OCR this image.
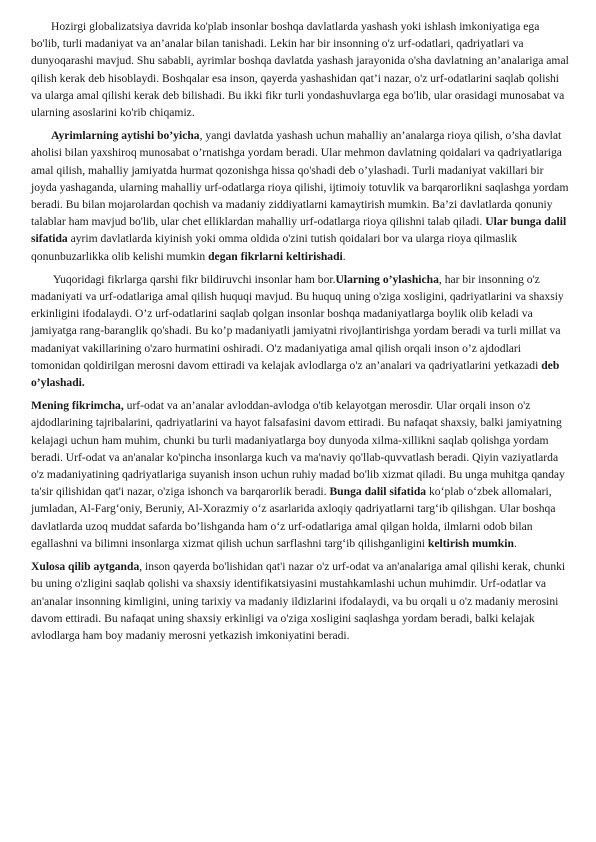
Hozirgi globalizatsiya davrida ko'plab insonlar boshqa davlatlarda yashash yoki ishlash imkoniyatiga ega bo'lib, turli madaniyat va an’analar bilan tanishadi. Lekin har bir insonning o'z urf-odatlari, qadriyatlari va dunyoqarashi mavjud. Shu sababli, ayrimlar boshqa davlatda yashash jarayonida o'sha davlatning an’analariga amal qilish kerak deb hisoblaydi. Boshqalar esa inson, qayerda yashashidan qat’i nazar, o'z urf-odatlarini saqlab qolishi va ularga amal qilishi kerak deb bilishadi. Bu ikki fikr turli yondashuvlarga ega bo'lib, ular orasidagi munosabat va ularning asoslarini ko'rib chiqamiz.

Ayrimlarning aytishi bo’yicha, yangi davlatda yashash uchun mahalliy an’analarga rioya qilish, o’sha davlat aholisi bilan yaxshiroq munosabat o’rnatishga yordam beradi. Ular mehmon davlatning qoidalari va qadriyatlariga amal qilish, mahalliy jamiyatda hurmat qozonishga hissa qo'shadi deb o’ylashadi. Turli madaniyat vakillari bir joyda yashaganda, ularning mahalliy urf-odatlarga rioya qilishi, ijtimoiy totuvlik va barqarorlikni saqlashga yordam beradi. Bu bilan mojarolardan qochish va madaniy ziddiyatlarni kamaytirish mumkin. Ba’zi davlatlarda qonuniy talablar ham mavjud bo'lib, ular chet elliklardan mahalliy urf-odatlarga rioya qilishni talab qiladi. Ular bunga dalil sifatida ayrim davlatlarda kiyinish yoki omma oldida o'zini tutish qoidalari bor va ularga rioya qilmaslik qonunbuzarlikka olib kelishi mumkin degan fikrlarni keltirishadi.

Yuqoridagi fikrlarga qarshi fikr bildiruvchi insonlar ham bor.Ularning o’ylashicha, har bir insonning o'z madaniyati va urf-odatlariga amal qilish huquqi mavjud. Bu huquq uning o'ziga xosligini, qadriyatlarini va shaxsiy erkinligini ifodalaydi. O’z urf-odatlarini saqlab qolgan insonlar boshqa madaniyatlarga boylik olib keladi va jamiyatga rang-baranglik qo'shadi. Bu ko’p madaniyatli jamiyatni rivojlantirishga yordam beradi va turli millat va madaniyat vakillarining o'zaro hurmatini oshiradi. O'z madaniyatiga amal qilish orqali inson o’z ajdodlari tomonidan qoldirilgan merosni davom ettiradi va kelajak avlodlarga o'z an’analari va qadriyatlarini yetkazadi deb o’ylashadi.

Mening fikrimcha, urf-odat va an’analar avloddan-avlodga o'tib kelayotgan merosdir. Ular orqali inson o'z ajdodlarining tajribalarini, qadriyatlarini va hayot falsafasini davom ettiradi. Bu nafaqat shaxsiy, balki jamiyatning kelajagi uchun ham muhim, chunki bu turli madaniyatlarga boy dunyoda xilma-xillikni saqlab qolishga yordam beradi. Urf-odat va an'analar ko'pincha insonlarga kuch va ma'naviy qo'llab-quvvatlash beradi. Qiyin vaziyatlarda o'z madaniyatining qadriyatlariga suyanish inson uchun ruhiy madad bo'lib xizmat qiladi. Bu unga muhitga qanday ta'sir qilishidan qat'i nazar, o'ziga ishonch va barqarorlik beradi. Bunga dalil sifatida ko‘plab o‘zbek allomalari, jumladan, Al-Farg‘oniy, Beruniy, Al-Xorazmiy o‘z asarlarida axloqiy qadriyatlarni targ‘ib qilishgan. Ular boshqa davlatlarda uzoq muddat safarda bo’lishganda ham o‘z urf-odatlariga amal qilgan holda, ilmlarni odob bilan egallashni va bilimni insonlarga xizmat qilish uchun sarflashni targ‘ib qilishganligini keltirish mumkin.

Xulosa qilib aytganda, inson qayerda bo'lishidan qat'i nazar o'z urf-odat va an'analariga amal qilishi kerak, chunki bu uning o'zligini saqlab qolishi va shaxsiy identifikatsiyasini mustahkamlashi uchun muhimdir. Urf-odatlar va an'analar insonning kimligini, uning tarixiy va madaniy ildizlarini ifodalaydi, va bu orqali u o'z madaniy merosini davom ettiradi. Bu nafaqat uning shaxsiy erkinligi va o'ziga xosligini saqlashga yordam beradi, balki kelajak avlodlarga ham boy madaniy merosni yetkazish imkoniyatini beradi.
